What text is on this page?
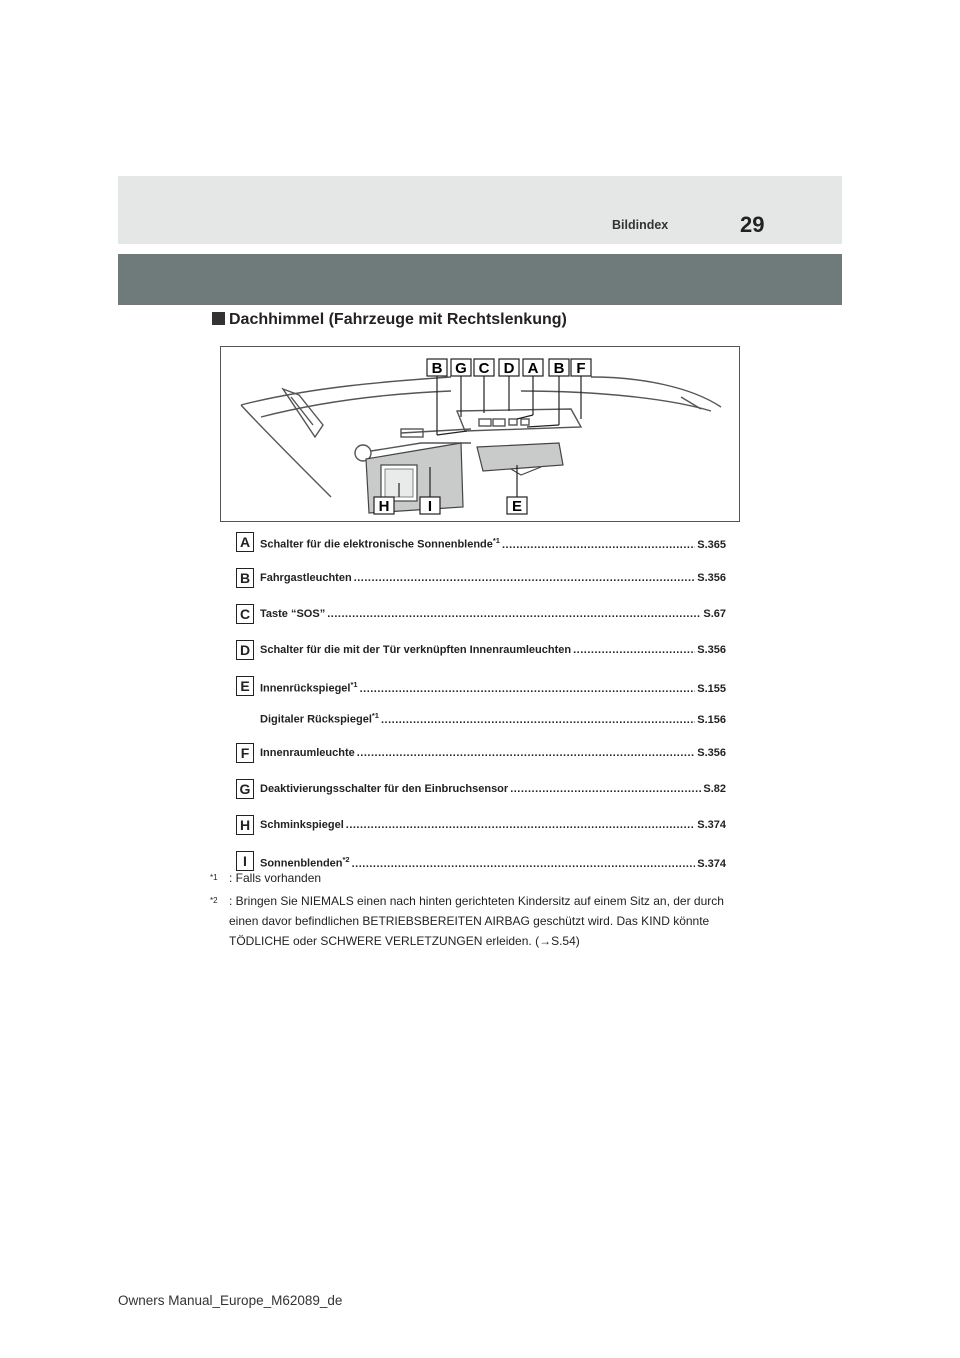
Bildindex	29
Dachhimmel (Fahrzeuge mit Rechtslenkung)
B G C D A B F
H	I	E
A Schalter für die elektronische Sonnenblende$^{*1}$ .....	S.365
B Fahrgastleuchten .....	S.356
C Taste “SOS” .....	S.67
D Schalter für die mit der Tür verknüpften Innenraumleuchten .....	S.356
E Innenrückspiegel$^{*1}$ .....	S.155
Digitaler Rückspiegel$^{*1}$ .....	S.156
F Innenraumleuchte .....	S.356
G Deaktivierungsschalter für den Einbruchsensor .....	S.82
H Schminkspiegel .....	S.374
I	Sonnenblenden$^{*2}$ .....	S.374
$^{*1}$ : Falls vorhanden
$^{*2}$ : Bringen Sie NIEMALS einen nach hinten gerichteten Kindersitz auf einem Sitz an, der durch einen davor befindlichen BETRIEBSBEREITEN AIRBAG geschützt wird. Das KIND könnte TÖDLICHE oder SCHWERE VERLETZUNGEN erleiden. (→S.54)
Owners Manual_Europe_M62089_de
